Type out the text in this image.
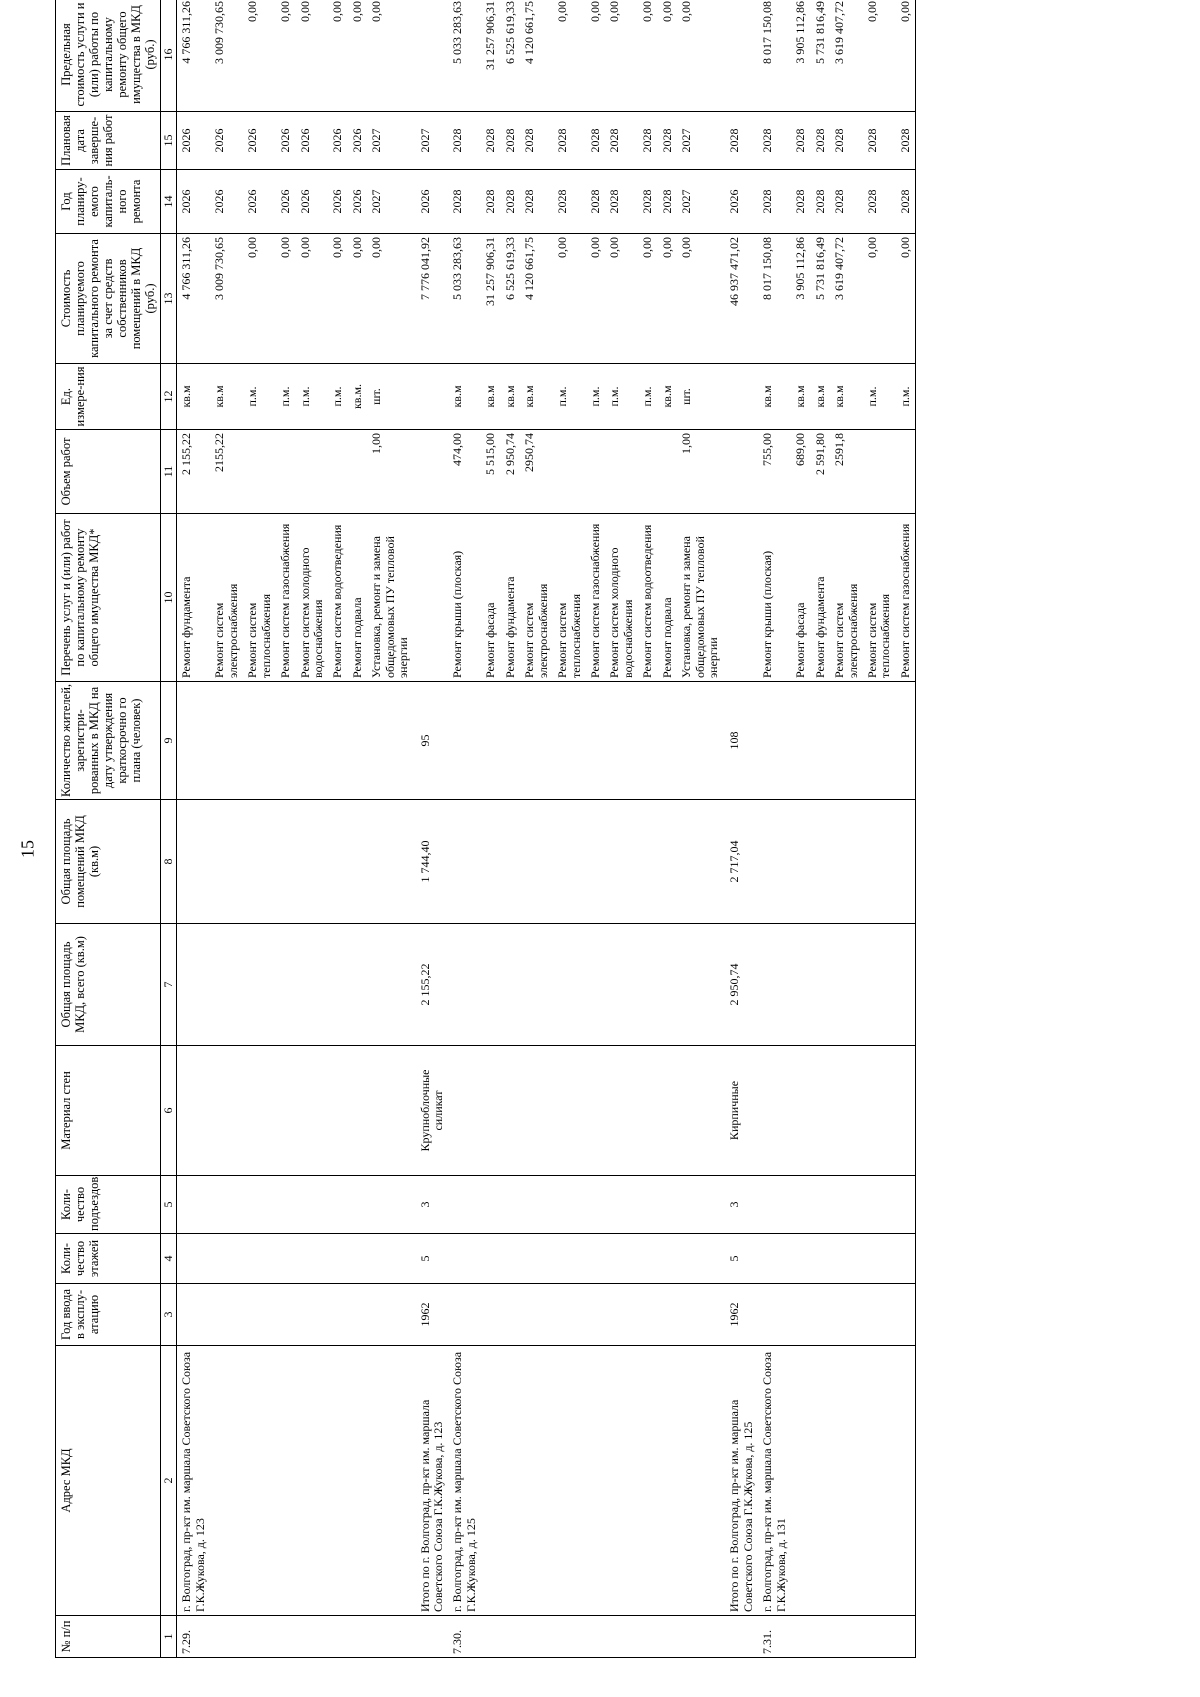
15
№ п/п	Адрес МКД	Год ввода в эксплу-атацию	Коли-чество этажей	Коли-чество подъездов	Материал стен	Общая площадь МКД, всего (кв.м)	Общая площадь помещений МКД (кв.м)	Количество жителей, зарегистри-рованных в МКД на дату утверждения краткосрочно го плана (человек)	Перечень услуг и (или) работ по капитальному ремонту общего имущества МКД*	Объем работ	Ед. измере-ния	Стоимость планируемого капитального ремонта за счет средств собственников помещений в МКД (руб.)	Год планиру-емого капиталь-ного ремонта	Плановая дата заверше-ния работ	Предельная стоимость услуги и (или) работы по капитальному ремонту общего имущества в МКД (руб.)
1	2	3	4	5	6	7	8	9	10	11	12	13	14	15	16
7.29.	г. Волгоград, пр-кт им. маршала Советского Союза Г.К.Жукова, д. 123								Ремонт фундамента	2 155,22	кв.м	4 766 311,26	2026	2026	4 766 311,26
									Ремонт систем электроснабжения	2155,22	кв.м	3 009 730,65	2026	2026	3 009 730,65
									Ремонт систем теплоснабжения		п.м.	0,00	2026	2026	0,00
									Ремонт систем газоснабжения		п.м.	0,00	2026	2026	0,00
									Ремонт систем холодного водоснабжения		п.м.	0,00	2026	2026	0,00
									Ремонт систем водоотведения		п.м.	0,00	2026	2026	0,00
									Ремонт подвала		кв.м.	0,00	2026	2026	0,00
									Установка, ремонт и замена общедомовых ПУ тепловой энергии	1,00	шт.	0,00	2027	2027	0,00
	Итого по г. Волгоград, пр-кт им. маршала Советского Союза Г.К.Жукова, д. 123	1962	5	3	Крупноблочные силикат	2 155,22	1 744,40	95				7 776 041,92	2026	2027	
7.30.	г. Волгоград, пр-кт им. маршала Советского Союза Г.К.Жукова, д. 125								Ремонт крыши (плоская)	474,00	кв.м	5 033 283,63	2028	2028	5 033 283,63
									Ремонт фасада	5 515,00	кв.м	31 257 906,31	2028	2028	31 257 906,31
									Ремонт фундамента	2 950,74	кв.м	6 525 619,33	2028	2028	6 525 619,33
									Ремонт систем электроснабжения	2950,74	кв.м	4 120 661,75	2028	2028	4 120 661,75
									Ремонт систем теплоснабжения		п.м.	0,00	2028	2028	0,00
									Ремонт систем газоснабжения		п.м.	0,00	2028	2028	0,00
									Ремонт систем холодного водоснабжения		п.м.	0,00	2028	2028	0,00
									Ремонт систем водоотведения		п.м.	0,00	2028	2028	0,00
									Ремонт подвала		кв.м	0,00	2028	2028	0,00
									Установка, ремонт и замена общедомовых ПУ тепловой энергии	1,00	шт.	0,00	2027	2027	0,00
	Итого по г. Волгоград, пр-кт им. маршала Советского Союза Г.К.Жукова, д. 125	1962	5	3	Кирпичные	2 950,74	2 717,04	108				46 937 471,02	2026	2028	
7.31.	г. Волгоград, пр-кт им. маршала Советского Союза Г.К.Жукова, д. 131								Ремонт крыши (плоская)	755,00	кв.м	8 017 150,08	2028	2028	8 017 150,08
									Ремонт фасада	689,00	кв.м	3 905 112,86	2028	2028	3 905 112,86
									Ремонт фундамента	2 591,80	кв.м	5 731 816,49	2028	2028	5 731 816,49
									Ремонт систем электроснабжения	2591,8	кв.м	3 619 407,72	2028	2028	3 619 407,72
									Ремонт систем теплоснабжения		п.м.	0,00	2028	2028	0,00
									Ремонт систем газоснабжения		п.м.	0,00	2028	2028	0,00
